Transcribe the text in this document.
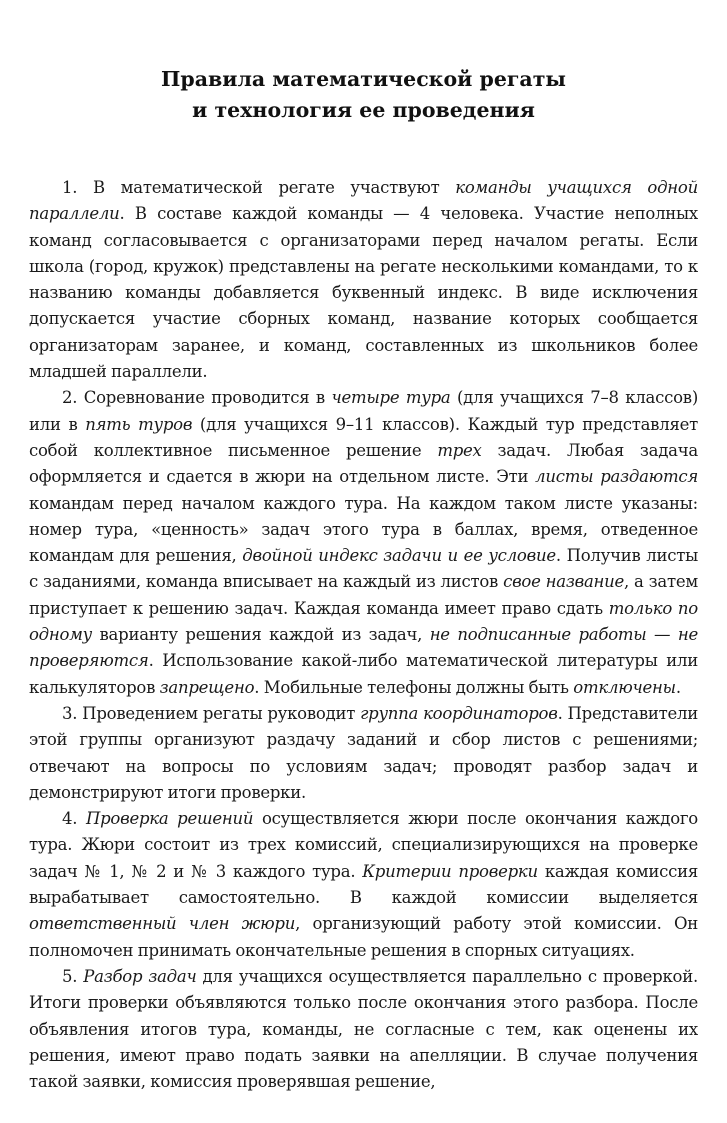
Правила математической регаты
и технология ее проведения

1. В математической регате участвуют команды учащихся одной параллели. В составе каждой команды — 4 человека. Участие неполных команд согласовывается с организаторами перед началом регаты. Если школа (город, кружок) представлены на регате несколькими командами, то к названию команды добавляется буквенный индекс. В виде исключения допускается участие сборных команд, название которых сообщается организаторам заранее, и команд, составленных из школьников более младшей параллели.

2. Соревнование проводится в четыре тура (для учащихся 7–8 классов) или в пять туров (для учащихся 9–11 классов). Каждый тур представляет собой коллективное письменное решение трех задач. Любая задача оформляется и сдается в жюри на отдельном листе. Эти листы раздаются командам перед началом каждого тура. На каждом таком листе указаны: номер тура, «ценность» задач этого тура в баллах, время, отведенное командам для решения, двойной индекс задачи и ее условие. Получив листы с заданиями, команда вписывает на каждый из листов свое название, а затем приступает к решению задач. Каждая команда имеет право сдать только по одному варианту решения каждой из задач, не подписанные работы — не проверяются. Использование какой-либо математической литературы или калькуляторов запрещено. Мобильные телефоны должны быть отключены.

3. Проведением регаты руководит группа координаторов. Представители этой группы организуют раздачу заданий и сбор листов с решениями; отвечают на вопросы по условиям задач; проводят разбор задач и демонстрируют итоги проверки.

4. Проверка решений осуществляется жюри после окончания каждого тура. Жюри состоит из трех комиссий, специализирующихся на проверке задач № 1, № 2 и № 3 каждого тура. Критерии проверки каждая комиссия вырабатывает самостоятельно. В каждой комиссии выделяется ответственный член жюри, организующий работу этой комиссии. Он полномочен принимать окончательные решения в спорных ситуациях.

5. Разбор задач для учащихся осуществляется параллельно с проверкой. Итоги проверки объявляются только после окончания этого разбора. После объявления итогов тура, команды, не согласные с тем, как оценены их решения, имеют право подать заявки на апелляции. В случае получения такой заявки, комиссия проверявшая решение,
